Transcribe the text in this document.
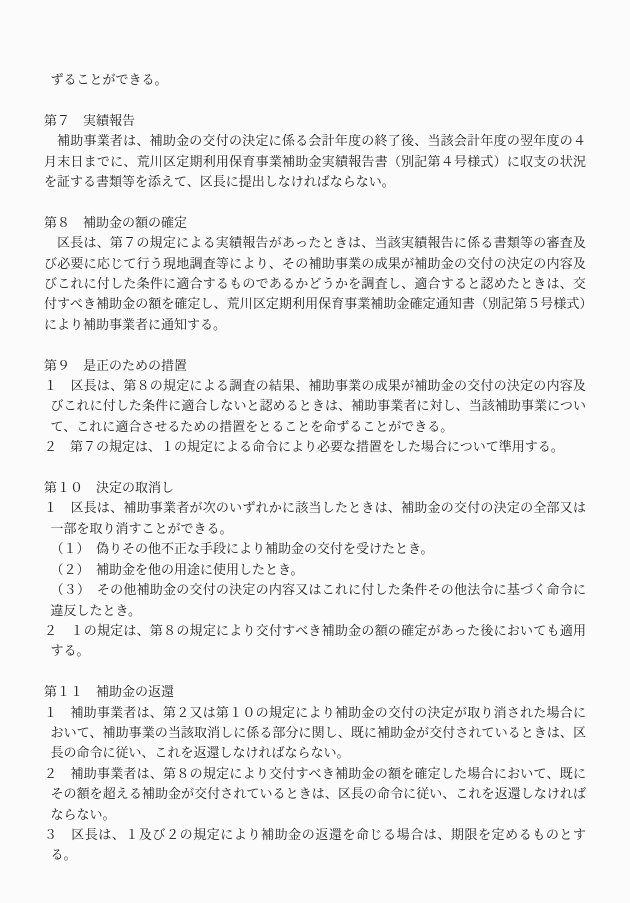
ずることができる。
第７　実績報告
補助事業者は、補助金の交付の決定に係る会計年度の終了後、当該会計年度の翌年度の４月末日までに、荒川区定期利用保育事業補助金実績報告書（別記第４号様式）に収支の状況を証する書類等を添えて、区長に提出しなければならない。
第８　補助金の額の確定
区長は、第７の規定による実績報告があったときは、当該実績報告に係る書類等の審査及び必要に応じて行う現地調査等により、その補助事業の成果が補助金の交付の決定の内容及びこれに付した条件に適合するものであるかどうかを調査し、適合すると認めたときは、交付すべき補助金の額を確定し、荒川区定期利用保育事業補助金確定通知書（別記第５号様式）により補助事業者に通知する。
第９　是正のための措置
１　区長は、第８の規定による調査の結果、補助事業の成果が補助金の交付の決定の内容及びこれに付した条件に適合しないと認めるときは、補助事業者に対し、当該補助事業について、これに適合させるための措置をとることを命ずることができる。
２　第７の規定は、１の規定による命令により必要な措置をした場合について準用する。
第１０　決定の取消し
１　区長は、補助事業者が次のいずれかに該当したときは、補助金の交付の決定の全部又は一部を取り消すことができる。
（１）　偽りその他不正な手段により補助金の交付を受けたとき。
（２）　補助金を他の用途に使用したとき。
（３）　その他補助金の交付の決定の内容又はこれに付した条件その他法令に基づく命令に違反したとき。
２　１の規定は、第８の規定により交付すべき補助金の額の確定があった後においても適用する。
第１１　補助金の返還
１　補助事業者は、第２又は第１０の規定により補助金の交付の決定が取り消された場合において、補助事業の当該取消しに係る部分に関し、既に補助金が交付されているときは、区長の命令に従い、これを返還しなければならない。
２　補助事業者は、第８の規定により交付すべき補助金の額を確定した場合において、既にその額を超える補助金が交付されているときは、区長の命令に従い、これを返還しなければならない。
３　区長は、１及び２の規定により補助金の返還を命じる場合は、期限を定めるものとする。
